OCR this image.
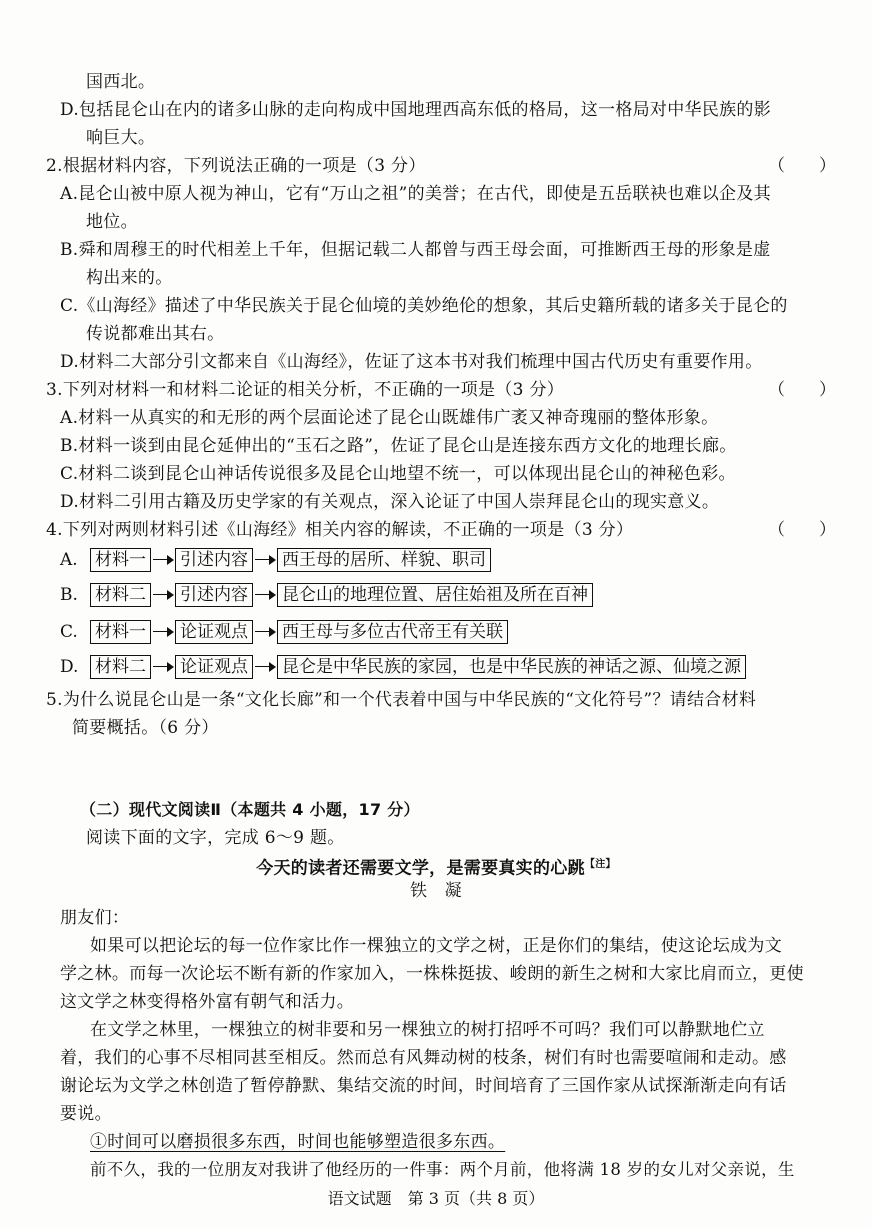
国西北。
D.包括昆仑山在内的诸多山脉的走向构成中国地理西高东低的格局，这一格局对中华民族的影
响巨大。
2.根据材料内容，下列说法正确的一项是（3 分）	（　　）
A.昆仑山被中原人视为神山，它有“万山之祖”的美誉；在古代，即使是五岳联袂也难以企及其
地位。
B.舜和周穆王的时代相差上千年，但据记载二人都曾与西王母会面，可推断西王母的形象是虚
构出来的。
C.《山海经》描述了中华民族关于昆仑仙境的美妙绝伦的想象，其后史籍所载的诸多关于昆仑的
传说都难出其右。
D.材料二大部分引文都来自《山海经》，佐证了这本书对我们梳理中国古代历史有重要作用。
3.下列对材料一和材料二论证的相关分析，不正确的一项是（3 分）	（　　）
A.材料一从真实的和无形的两个层面论述了昆仑山既雄伟广袤又神奇瑰丽的整体形象。
B.材料一谈到由昆仑延伸出的“玉石之路”，佐证了昆仑山是连接东西方文化的地理长廊。
C.材料二谈到昆仑山神话传说很多及昆仑山地望不统一，可以体现出昆仑山的神秘色彩。
D.材料二引用古籍及历史学家的有关观点，深入论证了中国人崇拜昆仑山的现实意义。
4.下列对两则材料引述《山海经》相关内容的解读，不正确的一项是（3 分）	（　　）
A.	材料一 引述内容 西王母的居所、样貌、职司
B.	材料二 引述内容 昆仑山的地理位置、居住始祖及所在百神
C.	材料一 论证观点 西王母与多位古代帝王有关联
D. 材料二 论证观点 昆仑是中华民族的家园，也是中华民族的神话之源、仙境之源
5.为什么说昆仑山是一条“文化长廊”和一个代表着中国与中华民族的“文化符号”？请结合材料
简要概括。（6 分）
（二）现代文阅读Ⅱ（本题共 4 小题，17 分）
阅读下面的文字，完成 6～9 题。
今天的读者还需要文学，是需要真实的心跳$^{【注】}$
铁　凝
朋友们：
如果可以把论坛的每一位作家比作一棵独立的文学之树，正是你们的集结，使这论坛成为文
学之林。而每一次论坛不断有新的作家加入，一株株挺拔、峻朗的新生之树和大家比肩而立，更使
这文学之林变得格外富有朝气和活力。
在文学之林里，一棵独立的树非要和另一棵独立的树打招呼不可吗？我们可以静默地伫立
着，我们的心事不尽相同甚至相反。然而总有风舞动树的枝条，树们有时也需要喧闹和走动。感
谢论坛为文学之林创造了暂停静默、集结交流的时间，时间培育了三国作家从试探渐渐走向有话
要说。
①时间可以磨损很多东西，时间也能够塑造很多东西。
前不久，我的一位朋友对我讲了他经历的一件事：两个月前，他将满 18 岁的女儿对父亲说，生
语文试题　第 3 页（共 8 页）
